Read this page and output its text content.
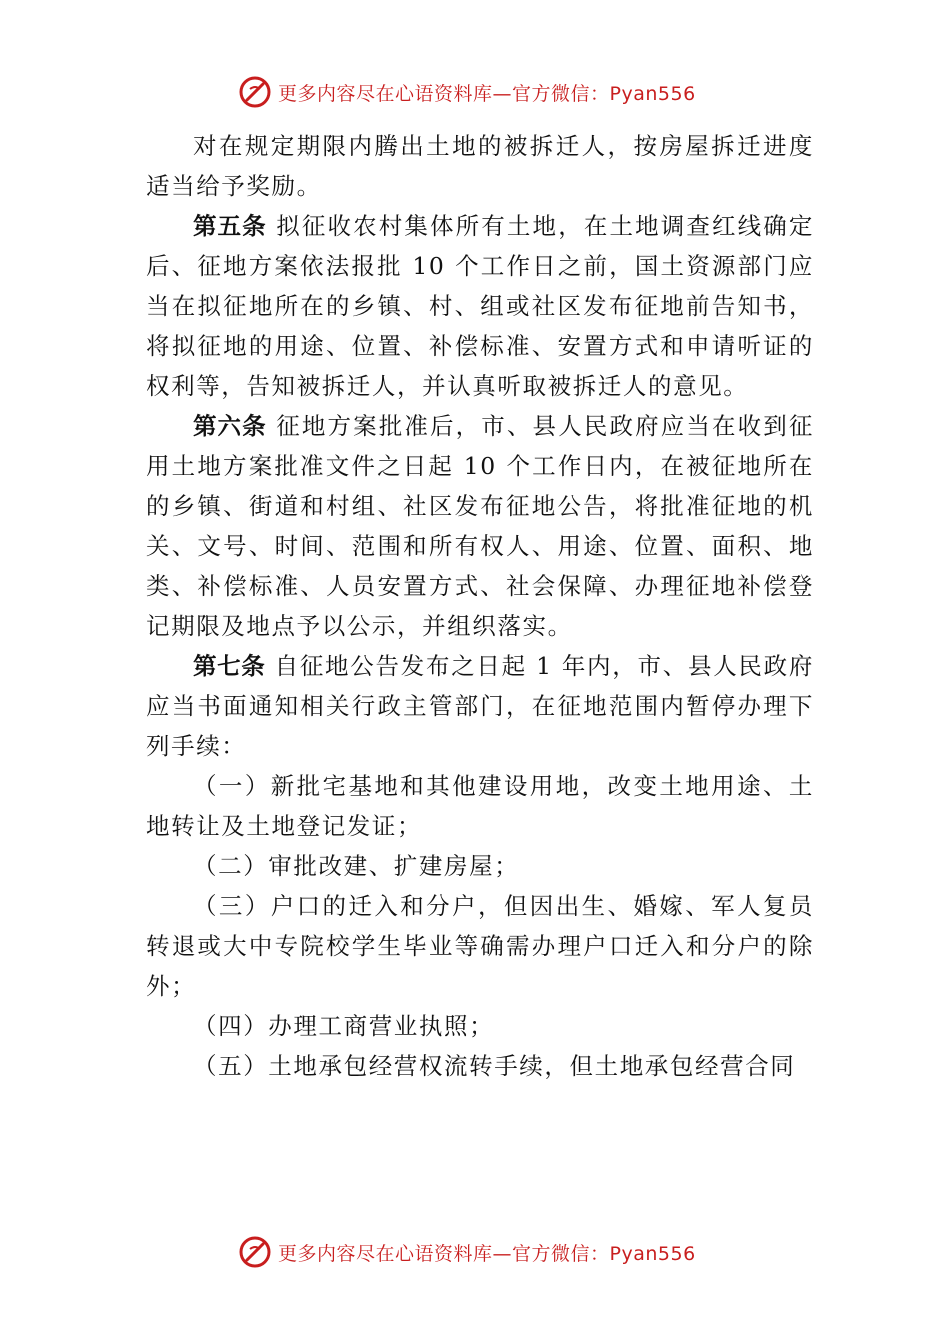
更多内容尽在心语资料库—官方微信：Pyan556

对在规定期限内腾出土地的被拆迁人，按房屋拆迁进度适当给予奖励。

第五条 拟征收农村集体所有土地，在土地调查红线确定后、征地方案依法报批 10 个工作日之前，国土资源部门应当在拟征地所在的乡镇、村、组或社区发布征地前告知书，将拟征地的用途、位置、补偿标准、安置方式和申请听证的权利等，告知被拆迁人，并认真听取被拆迁人的意见。

第六条 征地方案批准后，市、县人民政府应当在收到征用土地方案批准文件之日起 10 个工作日内，在被征地所在的乡镇、街道和村组、社区发布征地公告，将批准征地的机关、文号、时间、范围和所有权人、用途、位置、面积、地类、补偿标准、人员安置方式、社会保障、办理征地补偿登记期限及地点予以公示，并组织落实。

第七条 自征地公告发布之日起 1 年内，市、县人民政府应当书面通知相关行政主管部门，在征地范围内暂停办理下列手续：

（一）新批宅基地和其他建设用地，改变土地用途、土地转让及土地登记发证；

（二）审批改建、扩建房屋；

（三）户口的迁入和分户，但因出生、婚嫁、军人复员转退或大中专院校学生毕业等确需办理户口迁入和分户的除外；

（四）办理工商营业执照；

（五）土地承包经营权流转手续，但土地承包经营合同

更多内容尽在心语资料库—官方微信：Pyan556
